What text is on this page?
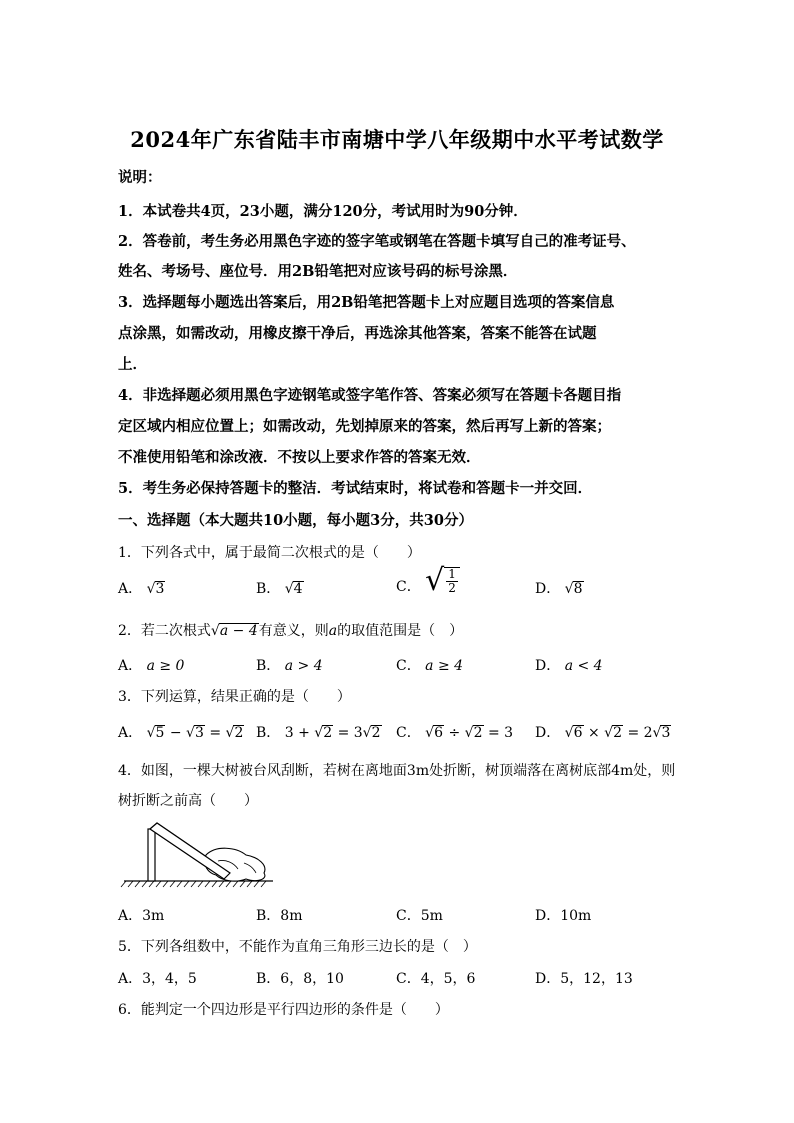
2024年广东省陆丰市南塘中学八年级期中水平考试数学
说明：
1．本试卷共4页，23小题，满分120分，考试用时为90分钟．
2．答卷前，考生务必用黑色字迹的签字笔或钢笔在答题卡填写自己的准考证号、
姓名、考场号、座位号．用2B铅笔把对应该号码的标号涂黑．
3．选择题每小题选出答案后，用2B铅笔把答题卡上对应题目选项的答案信息
点涂黑，如需改动，用橡皮擦干净后，再选涂其他答案，答案不能答在试题
上．
4．非选择题必须用黑色字迹钢笔或签字笔作答、答案必须写在答题卡各题目指
定区域内相应位置上；如需改动，先划掉原来的答案，然后再写上新的答案；
不准使用铅笔和涂改液．不按以上要求作答的答案无效．
5．考生务必保持答题卡的整洁．考试结束时，将试卷和答题卡一并交回．
一、选择题（本大题共10小题，每小题3分，共30分）
1．下列各式中，属于最简二次根式的是（　　）
A． √3	B． √4	C． √ $\frac{1}{2}$	D． √8
2．若二次根式√a − 4有意义，则a的取值范围是（　）
A． a ≥ 0	B． a > 4	C． a ≥ 4	D． a < 4
3．下列运算，结果正确的是（　　）
A． √5 − √3 = √2 B． 3 + √2 = 3√2 C． √6 ÷ √2 = 3 D． √6 × √2 = 2√3
4．如图，一棵大树被台风刮断，若树在离地面3m处折断，树顶端落在离树底部4m处，则
树折断之前高（　　）
A．3m	B．8m	C．5m	D．10m
5．下列各组数中，不能作为直角三角形三边长的是（　）
A．3，4，5	B．6，8，10	C．4，5，6	D．5，12，13
6．能判定一个四边形是平行四边形的条件是（　　）
